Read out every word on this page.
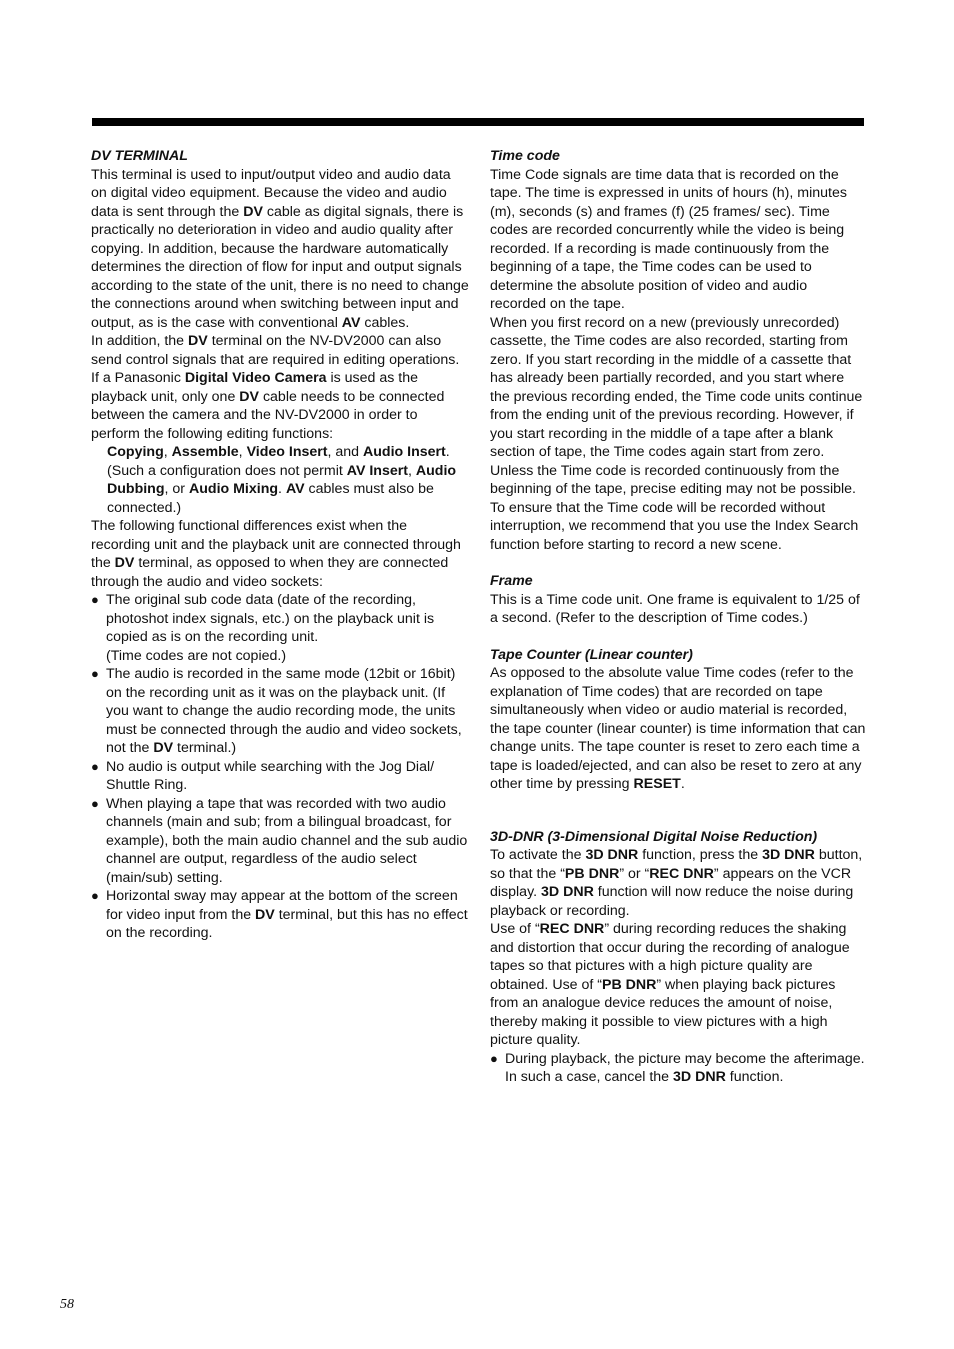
DV TERMINAL

This terminal is used to input/output video and audio data on digital video equipment. Because the video and audio data is sent through the DV cable as digital signals, there is practically no deterioration in video and audio quality after copying. In addition, because the hardware automatically determines the direction of flow for input and output signals according to the state of the unit, there is no need to change the connections around when switching between input and output, as is the case with conventional AV cables.

In addition, the DV terminal on the NV-DV2000 can also send control signals that are required in editing operations. If a Panasonic Digital Video Camera is used as the playback unit, only one DV cable needs to be connected between the camera and the NV-DV2000 in order to perform the following editing functions:

Copying, Assemble, Video Insert, and Audio Insert.

(Such a configuration does not permit AV Insert, Audio Dubbing, or Audio Mixing. AV cables must also be connected.)

The following functional differences exist when the recording unit and the playback unit are connected through the DV terminal, as opposed to when they are connected through the audio and video sockets:

● The original sub code data (date of the recording, photoshot index signals, etc.) on the playback unit is copied as is on the recording unit.

(Time codes are not copied.)

● The audio is recorded in the same mode (12bit or 16bit) on the recording unit as it was on the playback unit. (If you want to change the audio recording mode, the units must be connected through the audio and video sockets, not the DV terminal.)

● No audio is output while searching with the Jog Dial/ Shuttle Ring.

● When playing a tape that was recorded with two audio channels (main and sub; from a bilingual broadcast, for example), both the main audio channel and the sub audio channel are output, regardless of the audio select (main/sub) setting.

● Horizontal sway may appear at the bottom of the screen for video input from the DV terminal, but this has no effect on the recording.

Time code

Time Code signals are time data that is recorded on the tape. The time is expressed in units of hours (h), minutes (m), seconds (s) and frames (f) (25 frames/ sec). Time codes are recorded concurrently while the video is being recorded. If a recording is made continuously from the beginning of a tape, the Time codes can be used to determine the absolute position of video and audio recorded on the tape.

When you first record on a new (previously unrecorded) cassette, the Time codes are also recorded, starting from zero. If you start recording in the middle of a cassette that has already been partially recorded, and you start where the previous recording ended, the Time code units continue from the ending unit of the previous recording. However, if you start recording in the middle of a tape after a blank section of tape, the Time codes again start from zero.

Unless the Time code is recorded continuously from the beginning of the tape, precise editing may not be possible. To ensure that the Time code will be recorded without interruption, we recommend that you use the Index Search function before starting to record a new scene.

Frame

This is a Time code unit. One frame is equivalent to 1/25 of a second. (Refer to the description of Time codes.)

Tape Counter (Linear counter)

As opposed to the absolute value Time codes (refer to the explanation of Time codes) that are recorded on tape simultaneously when video or audio material is recorded, the tape counter (linear counter) is time information that can change units. The tape counter is reset to zero each time a tape is loaded/ejected, and can also be reset to zero at any other time by pressing RESET.

3D-DNR (3-Dimensional Digital Noise Reduction)

To activate the 3D DNR function, press the 3D DNR button, so that the “PB DNR” or “REC DNR” appears on the VCR display. 3D DNR function will now reduce the noise during playback or recording.

Use of “REC DNR” during recording reduces the shaking and distortion that occur during the recording of analogue tapes so that pictures with a high picture quality are obtained. Use of “PB DNR” when playing back pictures from an analogue device reduces the amount of noise, thereby making it possible to view pictures with a high picture quality.

● During playback, the picture may become the afterimage. In such a case, cancel the 3D DNR function.

58
